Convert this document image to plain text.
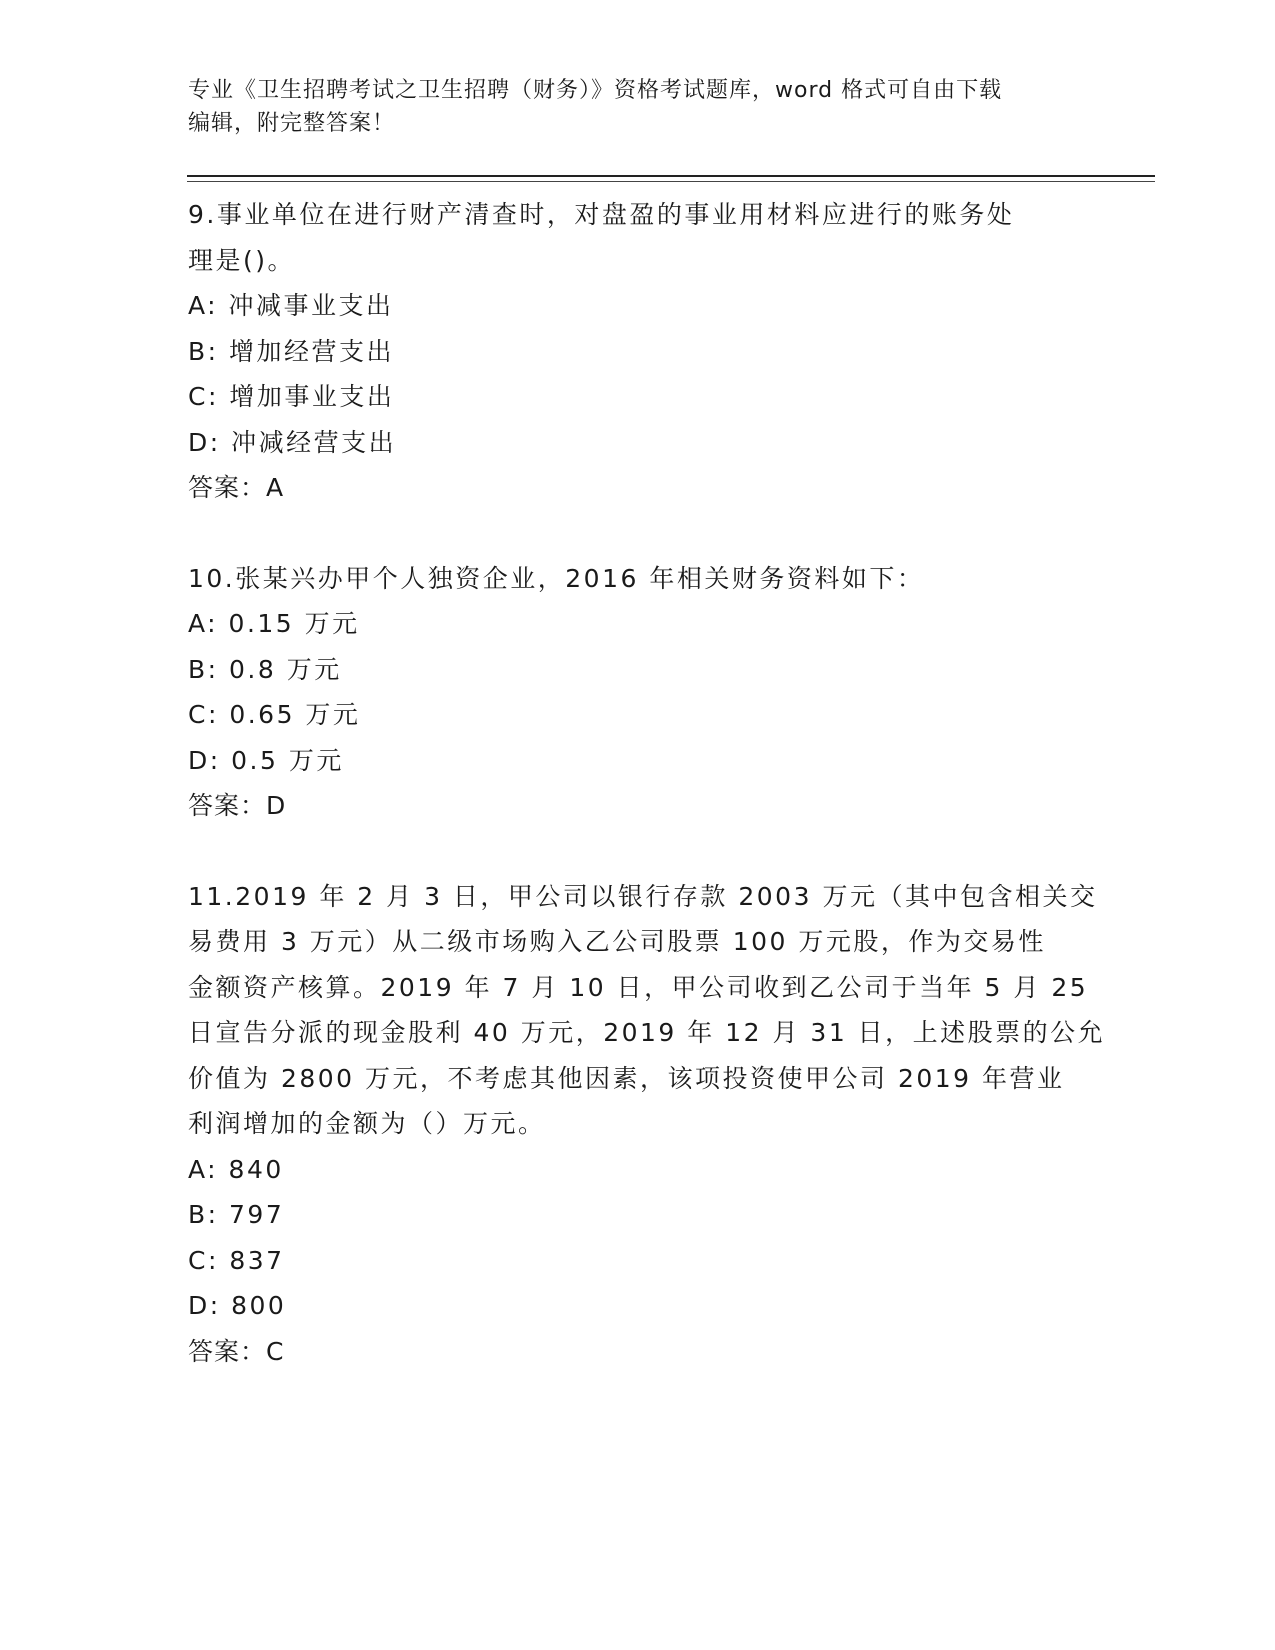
专业《卫生招聘考试之卫生招聘（财务）》资格考试题库，word 格式可自由下载
编辑，附完整答案！
9.事业单位在进行财产清查时，对盘盈的事业用材料应进行的账务处
理是()。
A: 冲减事业支出
B: 增加经营支出
C: 增加事业支出
D: 冲减经营支出
答案：A
10.张某兴办甲个人独资企业，2016 年相关财务资料如下：
A: 0.15 万元
B: 0.8 万元
C: 0.65 万元
D: 0.5 万元
答案：D
11.2019 年 2 月 3 日，甲公司以银行存款 2003 万元（其中包含相关交
易费用 3 万元）从二级市场购入乙公司股票 100 万元股，作为交易性
金额资产核算。2019 年 7 月 10 日，甲公司收到乙公司于当年 5 月 25
日宣告分派的现金股利 40 万元，2019 年 12 月 31 日，上述股票的公允
价值为 2800 万元，不考虑其他因素，该项投资使甲公司 2019 年营业
利润增加的金额为（）万元。
A: 840
B: 797
C: 837
D: 800
答案：C
